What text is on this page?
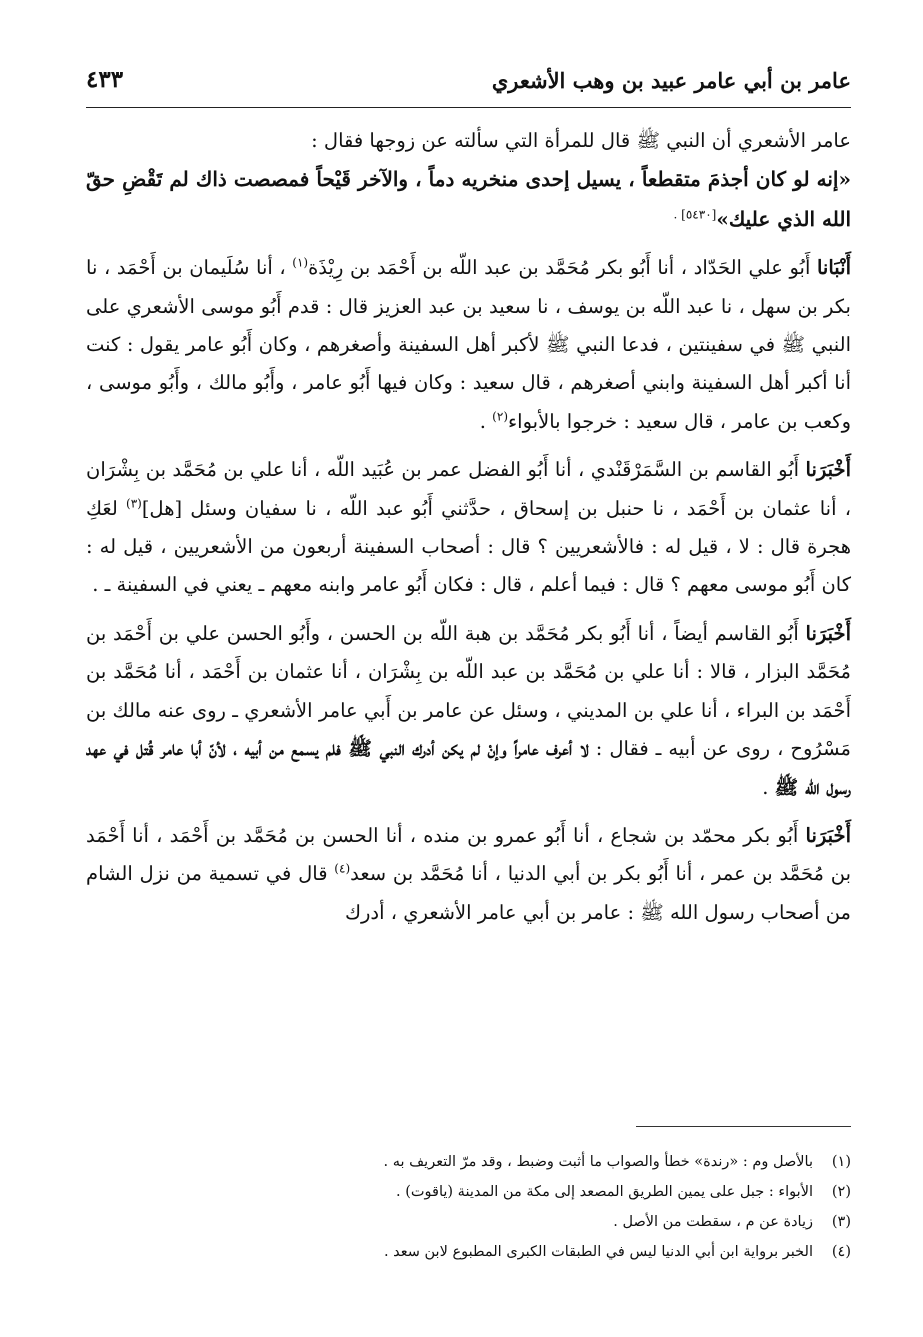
عامر بن أبي عامر عبيد بن وهب الأشعري
٤٣٣

عامر الأشعري أن النبي ﷺ قال للمرأة التي سألته عن زوجها فقال :
«إنه لو كان أجذمَ متقطعاً ، يسيل إحدى منخريه دماً ، والآخر قَيْحاً فمصصت ذاك لم تَقْضِ حقّ الله الذي عليك»$^{[٥٤٣٠] .}$

أَنْبَانا أَبُو علي الحَدّاد ، أنا أَبُو بكر مُحَمَّد بن عبد اللّه بن أَحْمَد بن رِيْذَة$^{(١)}$ ، أنا سُلَيمان بن أَحْمَد ، نا بكر بن سهل ، نا عبد اللّه بن يوسف ، نا سعيد بن عبد العزيز قال : قدم أَبُو موسى الأشعري على النبي ﷺ في سفينتين ، فدعا النبي ﷺ لأكبر أهل السفينة وأصغرهم ، وكان أَبُو عامر يقول : كنت أنا أكبر أهل السفينة وابني أصغرهم ، قال سعيد : وكان فيها أَبُو عامر ، وأَبُو مالك ، وأَبُو موسى ، وكعب بن عامر ، قال سعيد : خرجوا بالأبواء$^{(٢)}$ .

أَخْبَرَنا أَبُو القاسم بن السَّمَرْقَنْدي ، أنا أَبُو الفضل عمر بن عُبَيد اللّه ، أنا علي بن مُحَمَّد بن بِشْرَان ، أنا عثمان بن أَحْمَد ، نا حنبل بن إسحاق ، حدَّثني أَبُو عبد اللّه ، نا سفيان وسئل [هل]$^{(٣)}$ لعَكِ هجرة قال : لا ، قيل له : فالأشعريين ؟ قال : أصحاب السفينة أربعون من الأشعريين ، قيل له : كان أَبُو موسى معهم ؟ قال : فيما أعلم ، قال : فكان أَبُو عامر وابنه معهم ـ يعني في السفينة ـ .

أَخْبَرَنا أَبُو القاسم أيضاً ، أنا أَبُو بكر مُحَمَّد بن هبة اللّه بن الحسن ، وأَبُو الحسن علي بن أَحْمَد بن مُحَمَّد البزار ، قالا : أنا علي بن مُحَمَّد بن عبد اللّه بن بِشْرَان ، أنا عثمان بن أَحْمَد ، أنا مُحَمَّد بن أَحْمَد بن البراء ، أنا علي بن المديني ، وسئل عن عامر بن أَبي عامر الأشعري ـ روى عنه مالك بن مَسْرُوح ، روى عن أبيه ـ فقال : لا أعرف عامراً وإنْ لم يكن أدرك النبي ﷺ فلم يسمع من أبيه ، لأنّ أبا عامر قُتل في عهد رسول الله ﷺ .

أَخْبَرَنا أَبُو بكر محمّد بن شجاع ، أنا أَبُو عمرو بن منده ، أنا الحسن بن مُحَمَّد بن أَحْمَد ، أنا أَحْمَد بن مُحَمَّد بن عمر ، أنا أَبُو بكر بن أبي الدنيا ، أنا مُحَمَّد بن سعد$^{(٤)}$ قال في تسمية من نزل الشام من أصحاب رسول الله ﷺ : عامر بن أبي عامر الأشعري ، أدرك

(١)بالأصل وم : «رندة» خطأ والصواب ما أثبت وضبط ، وقد مرّ التعريف به .
(٢)الأبواء : جبل على يمين الطريق المصعد إلى مكة من المدينة (ياقوت) .
(٣)زيادة عن م ، سقطت من الأصل .
(٤)الخبر برواية ابن أبي الدنيا ليس في الطبقات الكبرى المطبوع لابن سعد .
